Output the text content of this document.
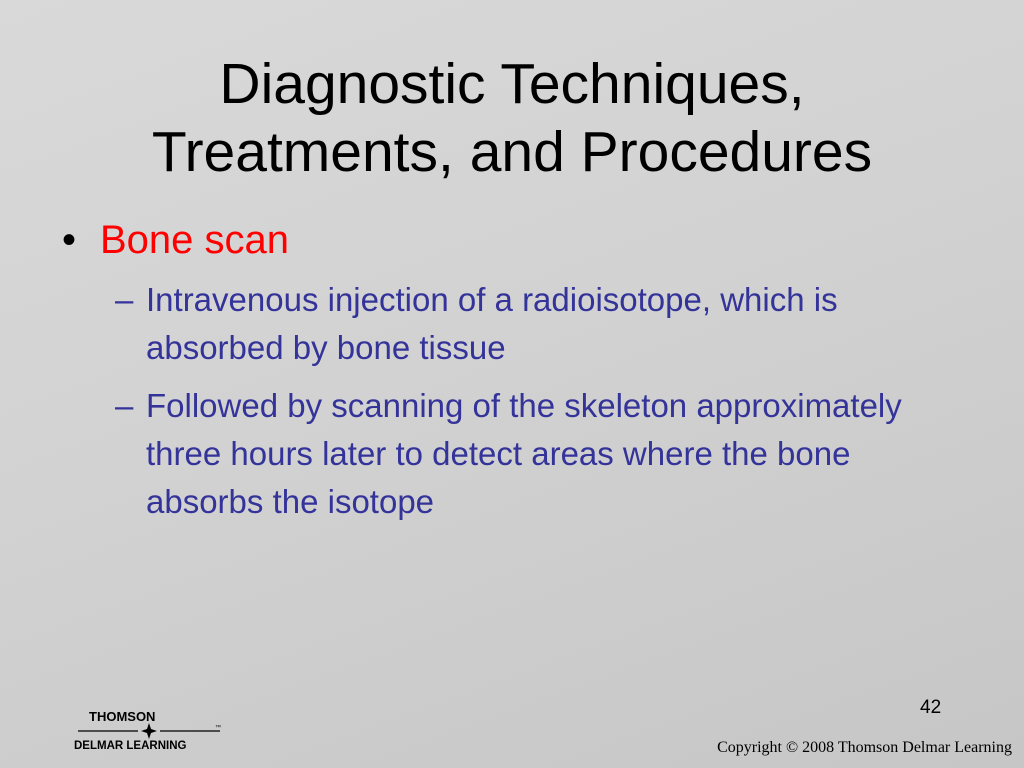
Diagnostic Techniques,
Treatments, and Procedures
• Bone scan
– Intravenous injection of a radioisotope, which is absorbed by bone tissue
– Followed by scanning of the skeleton approximately three hours later to detect areas where the bone absorbs the isotope
42
THOMSON
™
DELMAR LEARNING	Copyright © 2008 Thomson Delmar Learning
